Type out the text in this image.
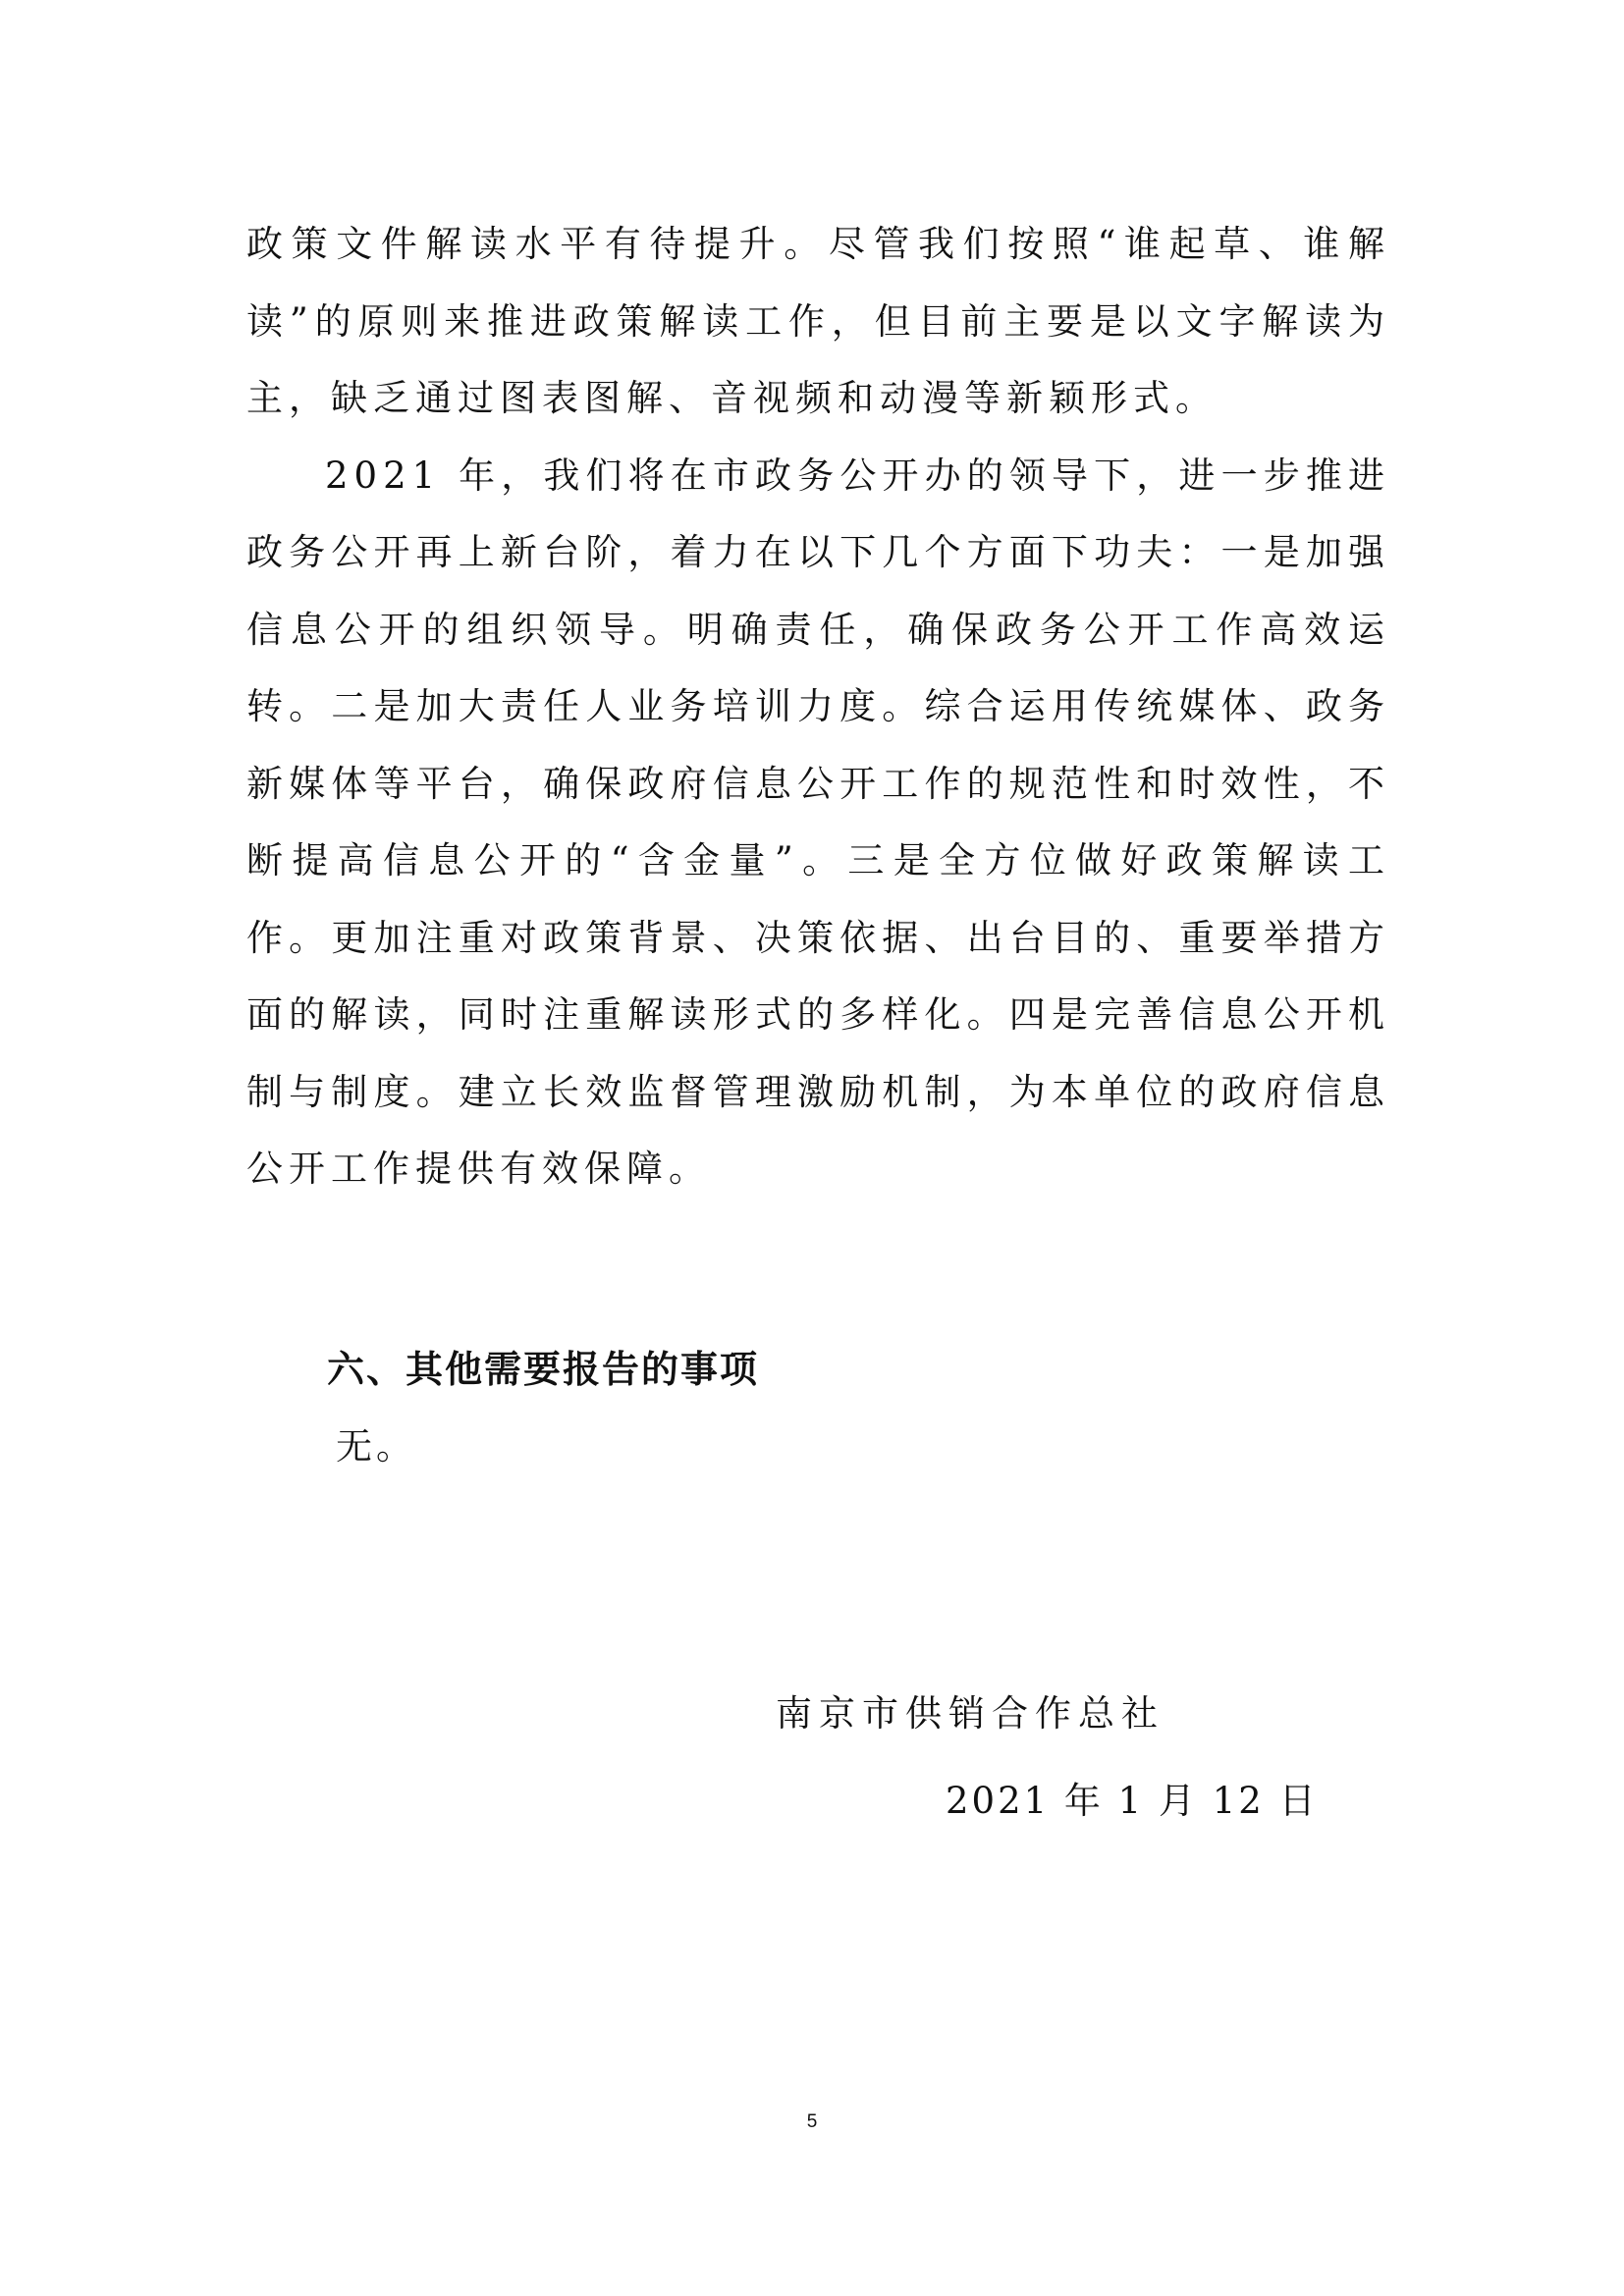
政策文件解读水平有待提升。尽管我们按照“谁起草、谁解读”的原则来推进政策解读工作，但目前主要是以文字解读为主，缺乏通过图表图解、音视频和动漫等新颖形式。

2021 年，我们将在市政务公开办的领导下，进一步推进政务公开再上新台阶，着力在以下几个方面下功夫：一是加强信息公开的组织领导。明确责任，确保政务公开工作高效运转。二是加大责任人业务培训力度。综合运用传统媒体、政务新媒体等平台，确保政府信息公开工作的规范性和时效性，不断提高信息公开的“含金量”。三是全方位做好政策解读工作。更加注重对政策背景、决策依据、出台目的、重要举措方面的解读，同时注重解读形式的多样化。四是完善信息公开机制与制度。建立长效监督管理激励机制，为本单位的政府信息公开工作提供有效保障。

六、其他需要报告的事项

无。

南京市供销合作总社

2021 年 1 月 12 日

5
